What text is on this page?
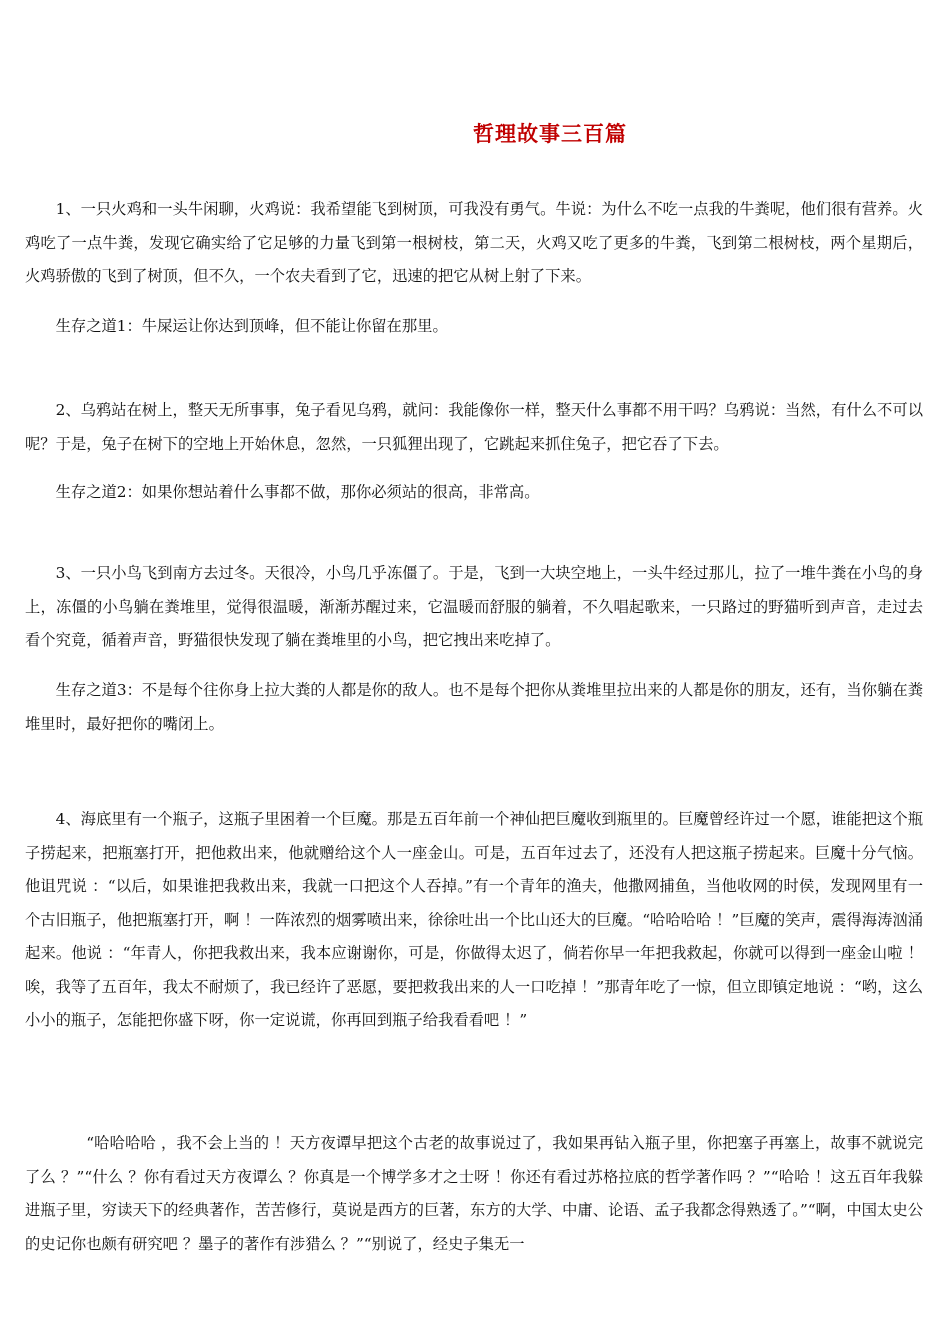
哲理故事三百篇

1、一只火鸡和一头牛闲聊，火鸡说：我希望能飞到树顶，可我没有勇气。牛说：为什么不吃一点我的牛粪呢，他们很有营养。火鸡吃了一点牛粪，发现它确实给了它足够的力量飞到第一根树枝，第二天，火鸡又吃了更多的牛粪，飞到第二根树枝，两个星期后，火鸡骄傲的飞到了树顶，但不久，一个农夫看到了它，迅速的把它从树上射了下来。

生存之道1：牛屎运让你达到顶峰，但不能让你留在那里。

2、乌鸦站在树上，整天无所事事，兔子看见乌鸦，就问：我能像你一样，整天什么事都不用干吗？乌鸦说：当然，有什么不可以呢？于是，兔子在树下的空地上开始休息，忽然，一只狐狸出现了，它跳起来抓住兔子，把它吞了下去。

生存之道2：如果你想站着什么事都不做，那你必须站的很高，非常高。

3、一只小鸟飞到南方去过冬。天很冷，小鸟几乎冻僵了。于是，飞到一大块空地上，一头牛经过那儿，拉了一堆牛粪在小鸟的身上，冻僵的小鸟躺在粪堆里，觉得很温暖，渐渐苏醒过来，它温暖而舒服的躺着，不久唱起歌来，一只路过的野猫听到声音，走过去看个究竟，循着声音，野猫很快发现了躺在粪堆里的小鸟，把它拽出来吃掉了。

生存之道3：不是每个往你身上拉大粪的人都是你的敌人。也不是每个把你从粪堆里拉出来的人都是你的朋友，还有，当你躺在粪堆里时，最好把你的嘴闭上。

4、海底里有一个瓶子，这瓶子里困着一个巨魔。那是五百年前一个神仙把巨魔收到瓶里的。巨魔曾经许过一个愿，谁能把这个瓶子捞起来，把瓶塞打开，把他救出来，他就赠给这个人一座金山。可是，五百年过去了，还没有人把这瓶子捞起来。巨魔十分气恼。他诅咒说 ：“以后，如果谁把我救出来，我就一口把这个人吞掉。”有一个青年的渔夫，他撒网捕鱼，当他收网的时侯，发现网里有一个古旧瓶子，他把瓶塞打开，啊 ！一阵浓烈的烟雾喷出来，徐徐吐出一个比山还大的巨魔。“哈哈哈哈 ！”巨魔的笑声，震得海涛汹涌起来。他说 ：“年青人，你把我救出来，我本应谢谢你，可是，你做得太迟了，倘若你早一年把我救起，你就可以得到一座金山啦 ！唉，我等了五百年，我太不耐烦了，我已经许了恶愿，要把救我出来的人一口吃掉 ！”那青年吃了一惊，但立即镇定地说 ：“哟，这么小小的瓶子，怎能把你盛下呀，你一定说谎，你再回到瓶子给我看看吧 ！”

“哈哈哈哈 ，我不会上当的 ！天方夜谭早把这个古老的故事说过了，我如果再钻入瓶子里，你把塞子再塞上，故事不就说完了么 ？”“什么 ？你有看过天方夜谭么 ？你真是一个博学多才之士呀 ！你还有看过苏格拉底的哲学著作吗 ？”“哈哈 ！这五百年我躲进瓶子里，穷读天下的经典著作，苦苦修行，莫说是西方的巨著，东方的大学、中庸、论语、孟子我都念得熟透了。”“啊，中国太史公的史记你也颇有研究吧 ？墨子的著作有涉猎么 ？”“别说了，经史子集无一
